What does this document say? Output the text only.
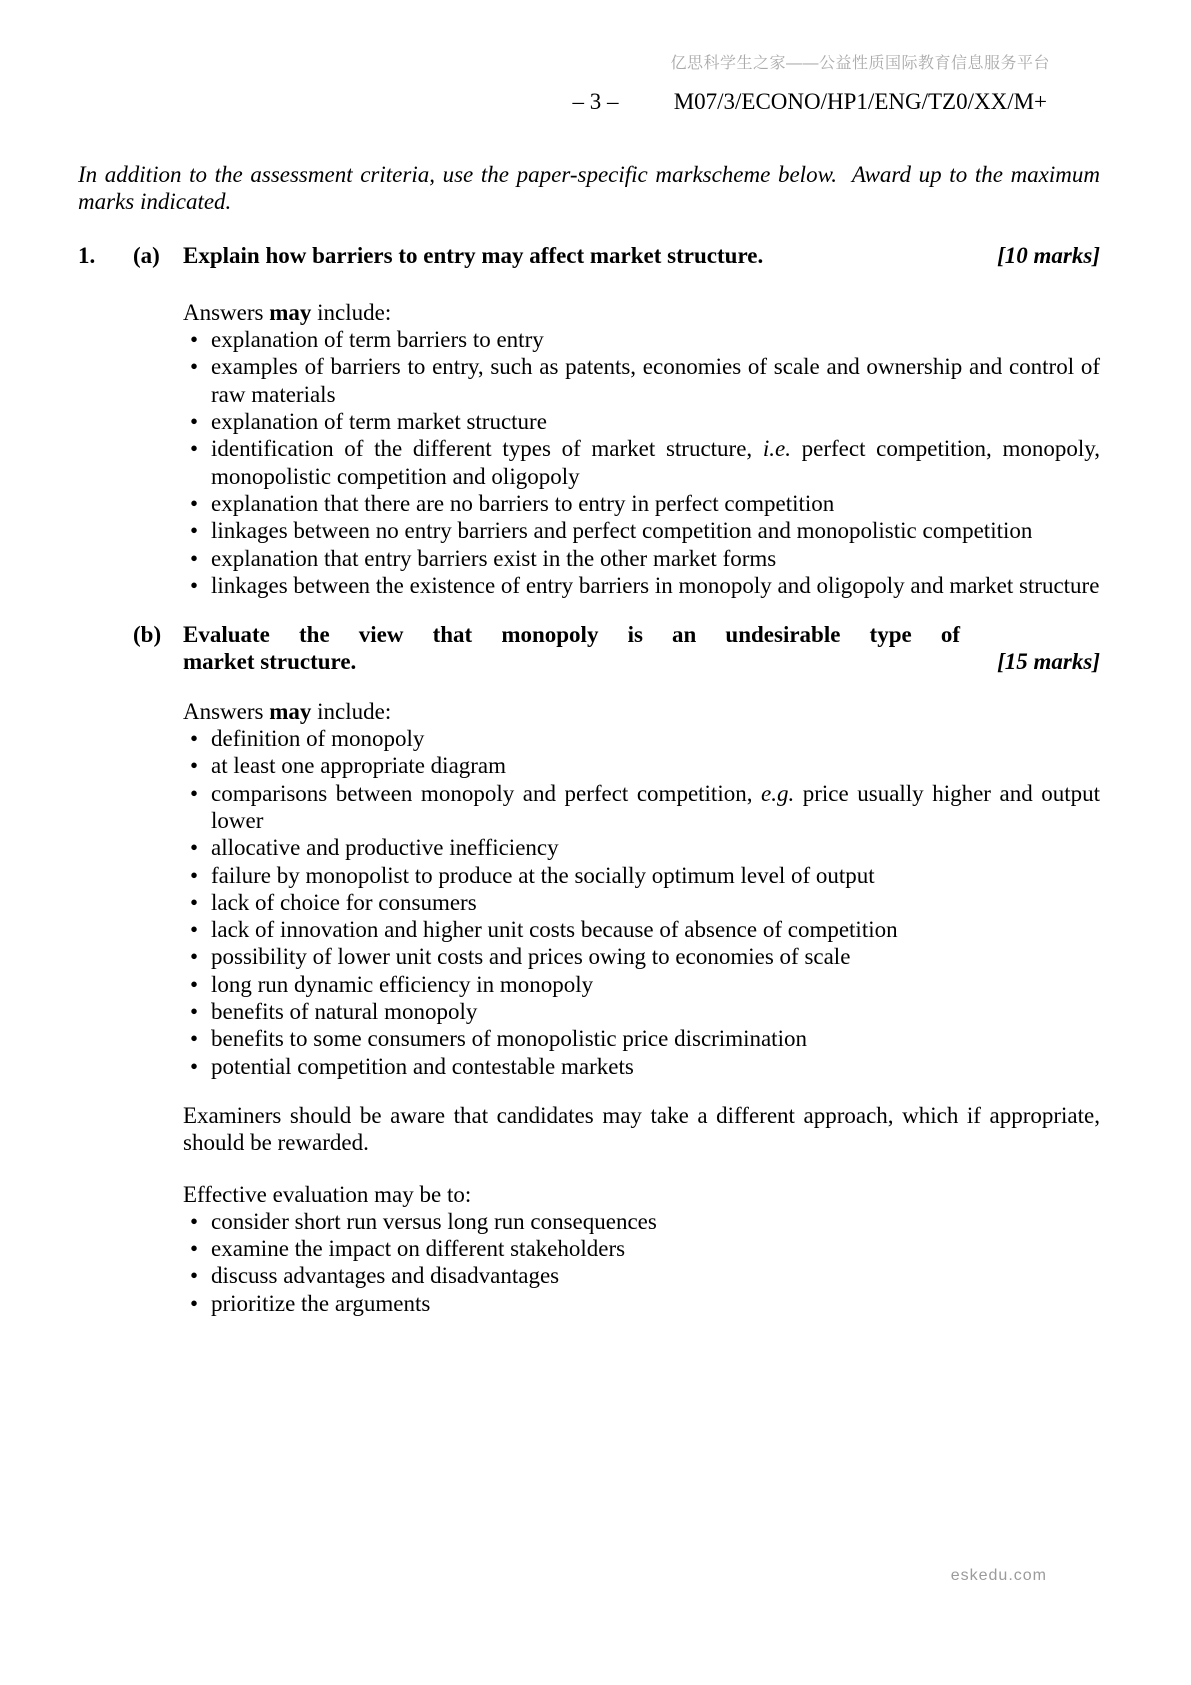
亿思科学生之家——公益性质国际教育信息服务平台
– 3 – M07/3/ECONO/HP1/ENG/TZ0/XX/M+

In addition to the assessment criteria, use the paper-specific markscheme below.  Award up to the maximum marks indicated.

1.	(a)	Explain how barriers to entry may affect market structure.	[10 marks]

Answers may include:

• explanation of term barriers to entry
• examples of barriers to entry, such as patents, economies of scale and ownership and control of raw materials
• explanation of term market structure
• identification of the different types of market structure, i.e. perfect competition, monopoly, monopolistic competition and oligopoly
• explanation that there are no barriers to entry in perfect competition
• linkages between no entry barriers and perfect competition and monopolistic competition
• explanation that entry barriers exist in the other market forms
• linkages between the existence of entry barriers in monopoly and oligopoly and market structure
(b) Evaluate the view that monopoly is an undesirable type of
market structure.	[15 marks]

Answers may include:

• definition of monopoly
• at least one appropriate diagram
• comparisons between monopoly and perfect competition, e.g. price usually higher and output lower
• allocative and productive inefficiency
• failure by monopolist to produce at the socially optimum level of output
• lack of choice for consumers
• lack of innovation and higher unit costs because of absence of competition
• possibility of lower unit costs and prices owing to economies of scale
• long run dynamic efficiency in monopoly
• benefits of natural monopoly
• benefits to some consumers of monopolistic price discrimination
• potential competition and contestable markets

Examiners should be aware that candidates may take a different approach, which if appropriate, should be rewarded.

Effective evaluation may be to:

• consider short run versus long run consequences
• examine the impact on different stakeholders
• discuss advantages and disadvantages
• prioritize the arguments
eskedu.com
